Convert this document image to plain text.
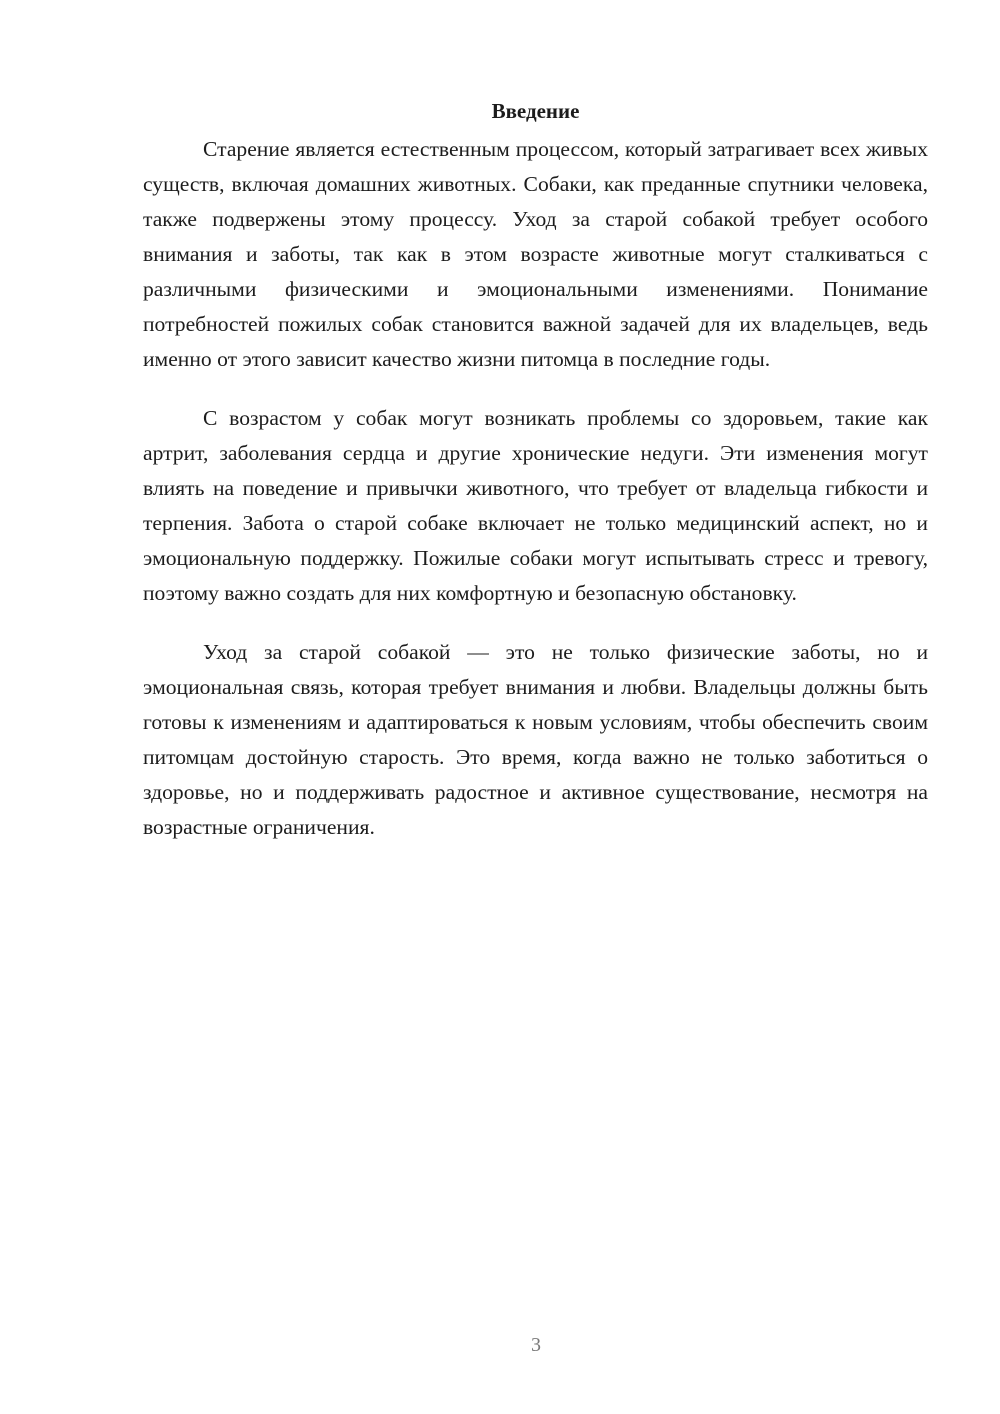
Введение

Старение является естественным процессом, который затрагивает всех живых существ, включая домашних животных. Собаки, как преданные спутники человека, также подвержены этому процессу. Уход за старой собакой требует особого внимания и заботы, так как в этом возрасте животные могут сталкиваться с различными физическими и эмоциональными изменениями. Понимание потребностей пожилых собак становится важной задачей для их владельцев, ведь именно от этого зависит качество жизни питомца в последние годы.

С возрастом у собак могут возникать проблемы со здоровьем, такие как артрит, заболевания сердца и другие хронические недуги. Эти изменения могут влиять на поведение и привычки животного, что требует от владельца гибкости и терпения. Забота о старой собаке включает не только медицинский аспект, но и эмоциональную поддержку. Пожилые собаки могут испытывать стресс и тревогу, поэтому важно создать для них комфортную и безопасную обстановку.

Уход за старой собакой — это не только физические заботы, но и эмоциональная связь, которая требует внимания и любви. Владельцы должны быть готовы к изменениям и адаптироваться к новым условиям, чтобы обеспечить своим питомцам достойную старость. Это время, когда важно не только заботиться о здоровье, но и поддерживать радостное и активное существование, несмотря на возрастные ограничения.

3
